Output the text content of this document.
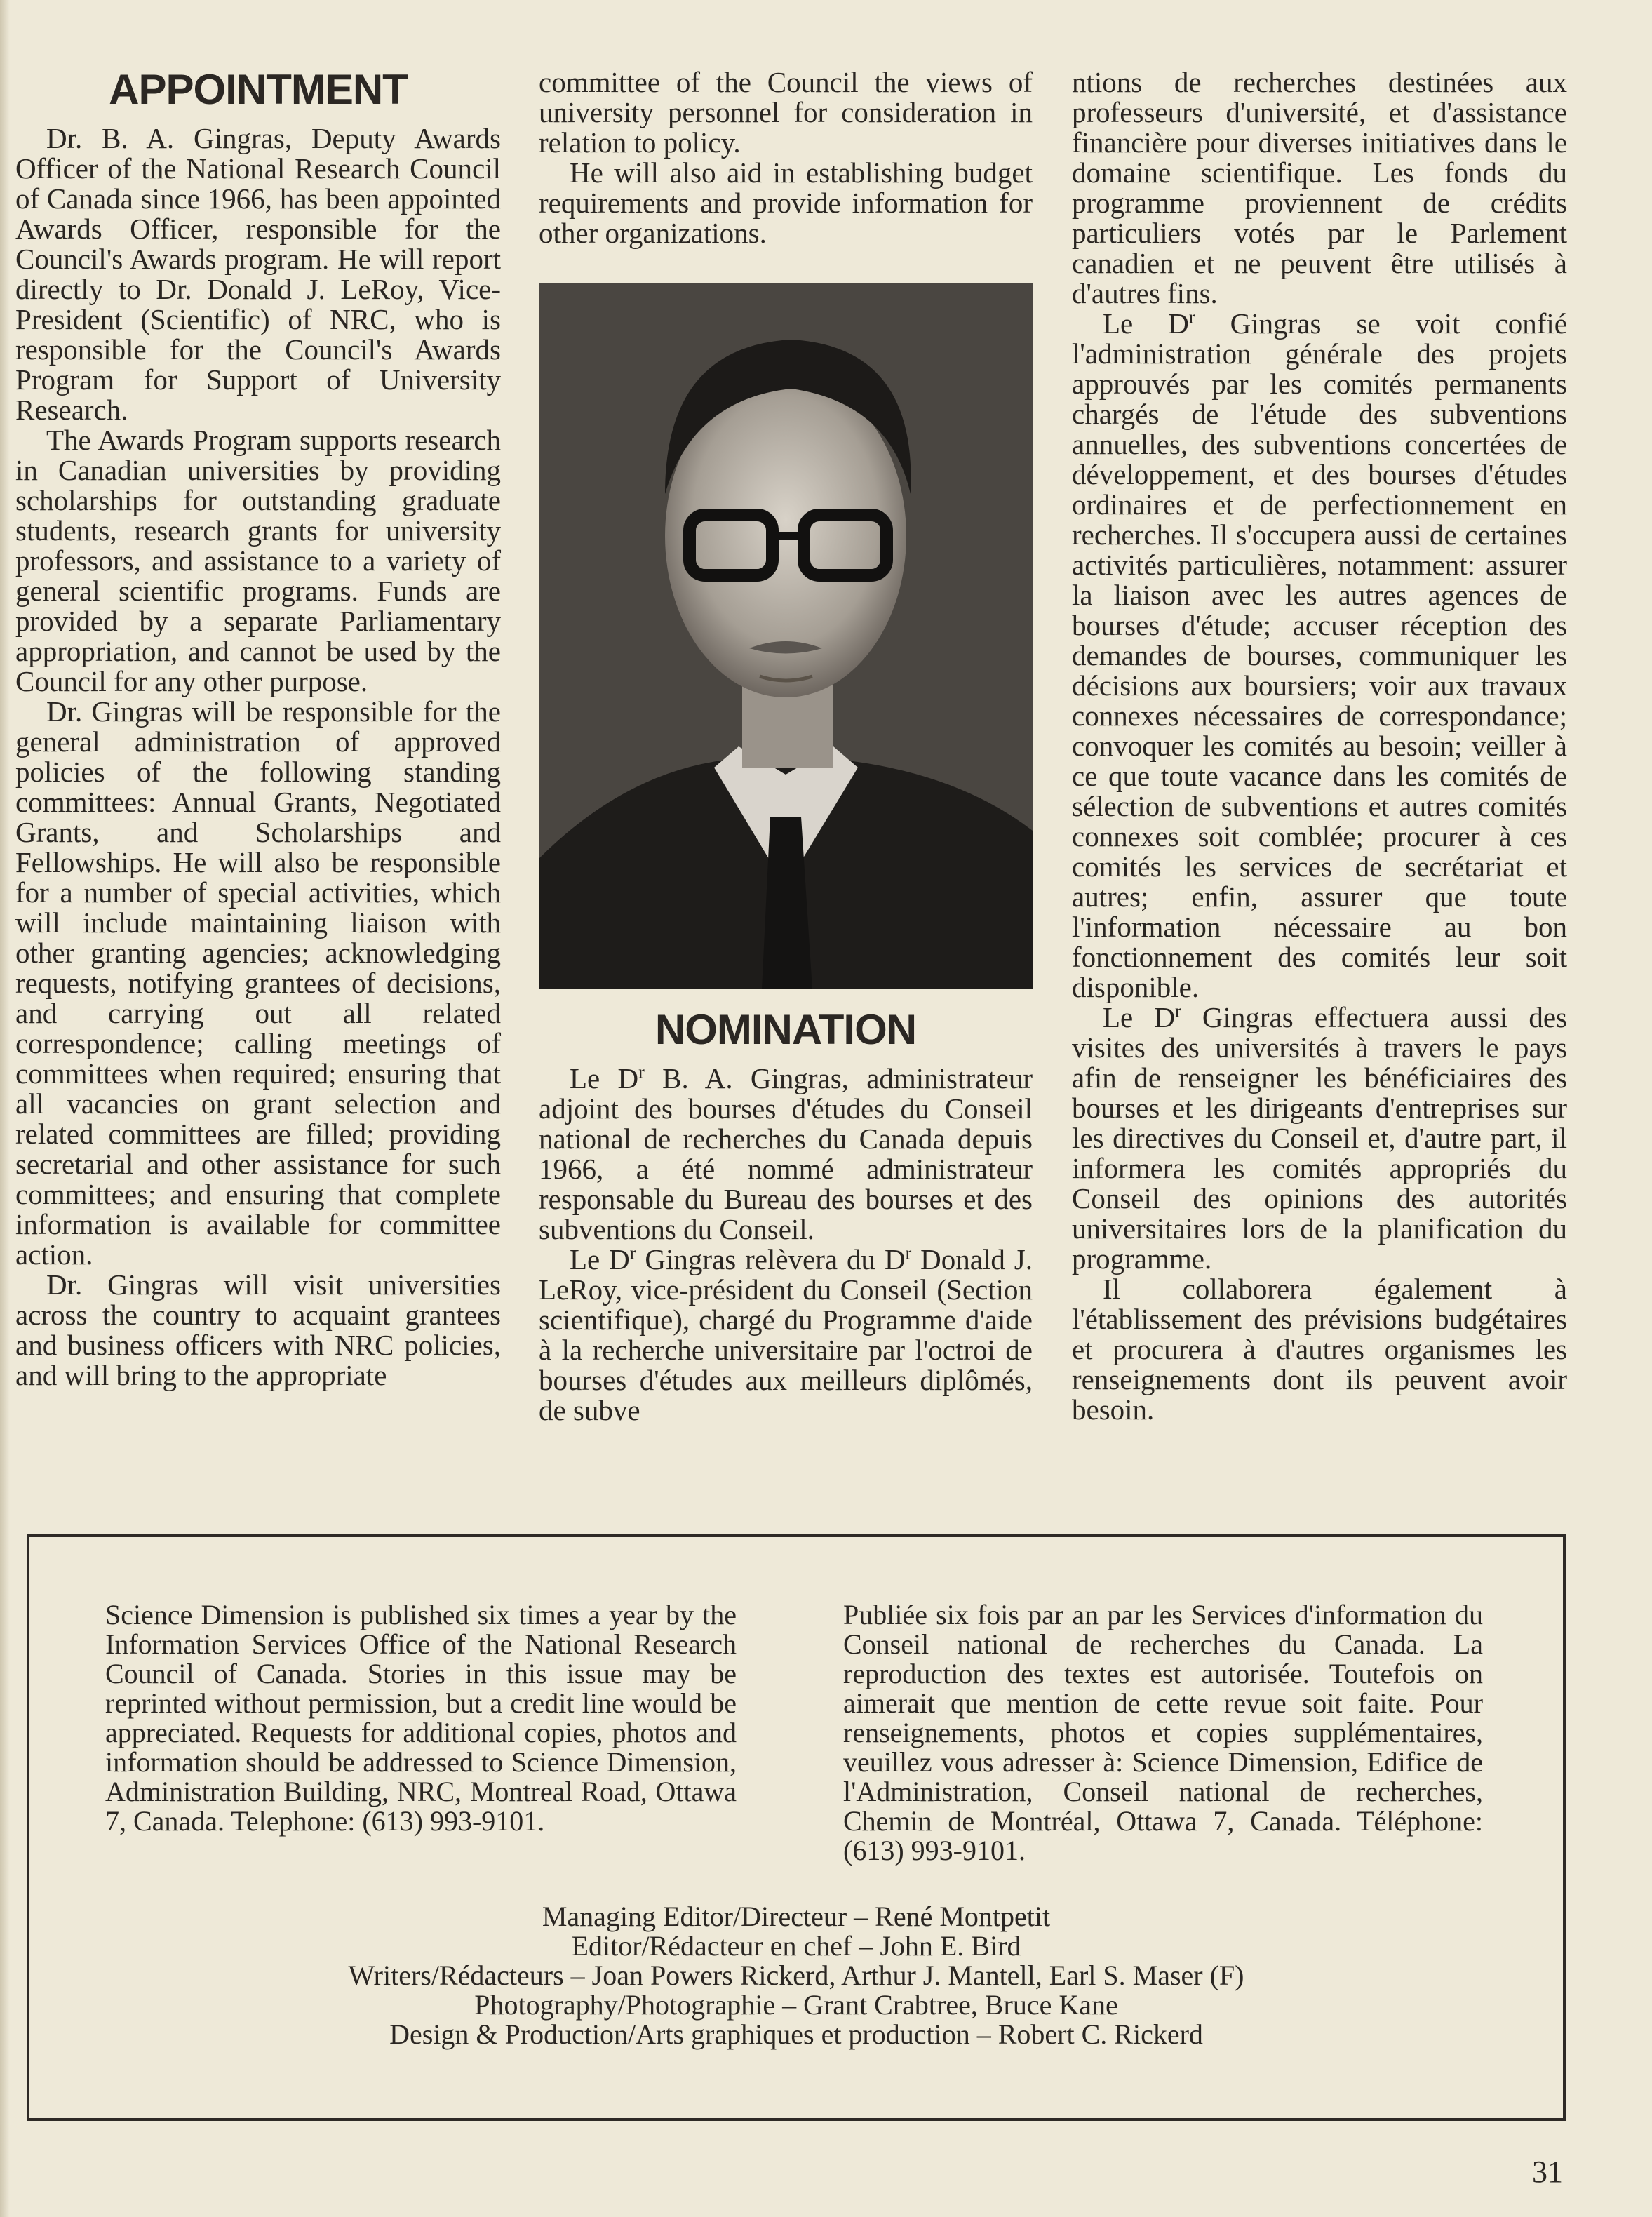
APPOINTMENT

Dr. B. A. Gingras, Deputy Awards Officer of the National Research Council of Canada since 1966, has been appointed Awards Officer, responsible for the Council's Awards program. He will report directly to Dr. Donald J. LeRoy, Vice-President (Scientific) of NRC, who is responsible for the Council's Awards Program for Support of University Research.

The Awards Program supports research in Canadian universities by providing scholarships for outstanding graduate students, research grants for university professors, and assistance to a variety of general scientific programs. Funds are provided by a separate Parliamentary appropriation, and cannot be used by the Council for any other purpose.

Dr. Gingras will be responsible for the general administration of approved policies of the following standing committees: Annual Grants, Negotiated Grants, and Scholarships and Fellowships. He will also be responsible for a number of special activities, which will include maintaining liaison with other granting agencies; acknowledging requests, notifying grantees of decisions, and carrying out all related correspondence; calling meetings of committees when required; ensuring that all vacancies on grant selection and related committees are filled; providing secretarial and other assistance for such committees; and ensuring that complete information is available for committee action.

Dr. Gingras will visit universities across the country to acquaint grantees and business officers with NRC policies, and will bring to the appropriate

committee of the Council the views of university personnel for consideration in relation to policy.

He will also aid in establishing budget requirements and provide information for other organizations.

NOMINATION

Le $D^r$ B. A. Gingras, administrateur adjoint des bourses d'études du Conseil national de recherches du Canada depuis 1966, a été nommé administrateur responsable du Bureau des bourses et des subventions du Conseil.

Le $D^r$ Gingras relèvera du $D^r$ Donald J. LeRoy, vice-président du Conseil (Section scientifique), chargé du Programme d'aide à la recherche universitaire par l'octroi de bourses d'études aux meilleurs diplômés, de subve

ntions de recherches destinées aux professeurs d'université, et d'assistance financière pour diverses initiatives dans le domaine scientifique. Les fonds du programme proviennent de crédits particuliers votés par le Parlement canadien et ne peuvent être utilisés à d'autres fins.

Le $D^r$ Gingras se voit confié l'administration générale des projets approuvés par les comités permanents chargés de l'étude des subventions annuelles, des subventions concertées de développement, et des bourses d'études ordinaires et de perfectionnement en recherches. Il s'occupera aussi de certaines activités particulières, notamment: assurer la liaison avec les autres agences de bourses d'étude; accuser réception des demandes de bourses, communiquer les décisions aux boursiers; voir aux travaux connexes nécessaires de correspondance; convoquer les comités au besoin; veiller à ce que toute vacance dans les comités de sélection de subventions et autres comités connexes soit comblée; procurer à ces comités les services de secrétariat et autres; enfin, assurer que toute l'information nécessaire au bon fonctionnement des comités leur soit disponible.

Le $D^r$ Gingras effectuera aussi des visites des universités à travers le pays afin de renseigner les bénéficiaires des bourses et les dirigeants d'entreprises sur les directives du Conseil et, d'autre part, il informera les comités appropriés du Conseil des opinions des autorités universitaires lors de la planification du programme.

Il collaborera également à l'établissement des prévisions budgétaires et procurera à d'autres organismes les renseignements dont ils peuvent avoir besoin.

Science Dimension is published six times a year by the Information Services Office of the National Research Council of Canada. Stories in this issue may be reprinted without permission, but a credit line would be appreciated. Requests for additional copies, photos and information should be addressed to Science Dimension, Administration Building, NRC, Montreal Road, Ottawa 7, Canada. Telephone: (613) 993-9101.
Publiée six fois par an par les Services d'information du Conseil national de recherches du Canada. La reproduction des textes est autorisée. Toutefois on aimerait que mention de cette revue soit faite. Pour renseignements, photos et copies supplémentaires, veuillez vous adresser à: Science Dimension, Edifice de l'Administration, Conseil national de recherches, Chemin de Montréal, Ottawa 7, Canada. Téléphone: (613) 993-9101.
Managing Editor/Directeur – René Montpetit
Editor/Rédacteur en chef – John E. Bird
Writers/Rédacteurs – Joan Powers Rickerd, Arthur J. Mantell, Earl S. Maser (F)
Photography/Photographie – Grant Crabtree, Bruce Kane
Design & Production/Arts graphiques et production – Robert C. Rickerd
31
